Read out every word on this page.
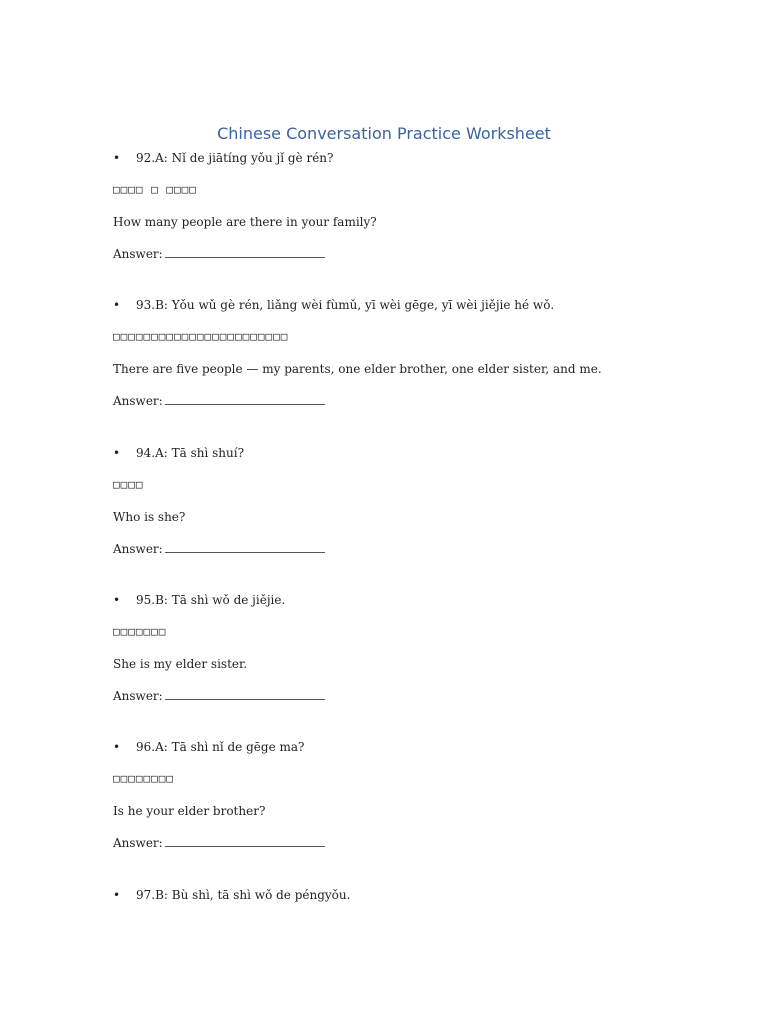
Chinese Conversation Practice Worksheet
• 92.A: Nǐ de jiātíng yǒu jǐ gè rén?
□□□□ □ □□□□
How many people are there in your family?
Answer:
• 93.B: Yǒu wǔ gè rén, liǎng wèi fùmǔ, yī wèi gēge, yī wèi jiějie hé wǒ.
□□□□□□□□□□□□□□□□□□□□□□□
There are five people — my parents, one elder brother, one elder sister, and me.
Answer:
• 94.A: Tā shì shuí?
□□□□
Who is she?
Answer:
• 95.B: Tā shì wǒ de jiějie.
□□□□□□□
She is my elder sister.
Answer:
• 96.A: Tā shì nǐ de gēge ma?
□□□□□□□□
Is he your elder brother?
Answer:
• 97.B: Bù shì, tā shì wǒ de péngyǒu.
